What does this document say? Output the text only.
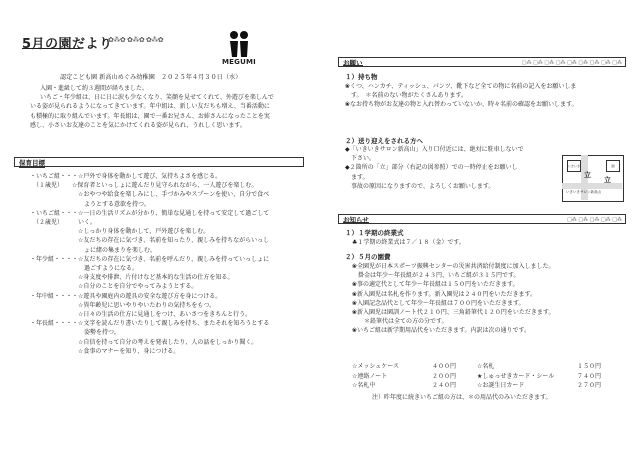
5月の園だより
✿⁂✿ ✿⁂✿ ✿⁂✿
MEGUMI
認定こども園 新高山めぐみ幼稚園　２０２５年４月３０日（水）
入園・進級して約３週間が経ちました。
いちご・年少組は、日に日に涙も少なくなり、笑顔を見せてくれて、外遊びを楽しんで
いる姿が見られるようになってきています。年中組は、新しい友だちも増え、当番活動に
も積極的に取り組んでいます。年長組は、園で一番お兄さん、お姉さんになったことを実
感し、小さいお友達のことを気にかけてくれる姿が見られ、うれしく思います。
保育目標
・いちご組・・・☆戸外で身体を動かして遊び、気持ちよさを感じる。
　（１歳児）　　☆保育者といっしょに遊んだり見守られながら、一人遊びを楽しむ。
　　　　　　　　☆おやつや給食を楽しみにし、手づかみやスプーンを使い、自分で食べ
　　　　　　　　　ようとする意欲を持つ。
・いちご組・・・☆一日の生活リズムが分かり、簡単な見通しを持って安定して過ごして
　（２歳児）　　　いく。
　　　　　　　　☆しっかり身体を動かして、戸外遊びを楽しむ。
　　　　　　　　☆友だちの存在に気づき、名前を知ったり、親しみを持ちながらいっし
　　　　　　　　　ょに緒の集まりを楽しむ。
・年少組・・・・☆友だちの存在に気づき、名前を呼んだり、親しみを持っていっしょに
　　　　　　　　　過ごすようになる。
　　　　　　　　☆身支度や排泄、片付けなど基本的な生活の仕方を知る。
　　　　　　　　☆自分のことを自分でやってみようとする。
・年中組・・・・☆遊具や園庭内の遊具の安全な遊び方を身につける。
　　　　　　　　☆異年齢児に思いやりやいたわりの気持ちをもつ。
　　　　　　　　☆日々の生活の仕方に見通しをつけ、あいさつをきちんと行う。
・年長組・・・・☆文字を読んだり書いたりして親しみを持ち、またそれを知ろうとする
　　　　　　　　　姿勢を持つ。
　　　　　　　　☆自信を持って自分の考えを発表したり、人の話をしっかり聞く。
　　　　　　　　☆食事のマナーを知り、身につける。
お願い	□⁂ □⁂ □⁂ □⁂ □⁂ □⁂ □⁂ □⁂ □⁂
１）持ち物
❀くつ、ハンカチ、ティッシュ、パンツ、靴下など全ての物に名前の記入をお願いしま
　す。　＊名前のない物がたくさんあります。
❀なお持ち物がお友達の物と入れ替わっていないか、時々名前の確認をお願いします。
２）送り迎えをされる方へ
◆「いきいきサロン新高山」入り口付近には、絶対に駐車しないで
　下さい。
◆２箇所の「立」部分（右記の図参照）での一時停止をお願いし
　ます。
　事故の原因になりますので、よろしくお願いします。
いきいき	園
立
立
いきいきサロン新高山
お知らせ	□⁂ □⁂ □⁂ □⁂ □⁂
１）１学期の終業式
♣１学期の終業式は７／１８（金）です。
２）５月の園費
❀全園児が日本スポーツ振興センターの災害共済給付制度に加入しました。
　掛金は年少〜年長組が２４３円、いちご組が３１５円です。
❀事の適定代として年少〜年長組は１５０円をいただきます。
❀新入園児は名札を作ります。新入園児は２４０円をいただきます。
❀入園記念品代として年少〜年長組は７００円をいただきます。
❀新入園児は園訓ノート代２１０円、三角鉛筆代１２０円をいただきます。
　　＊鉛筆代は全ての方の分です。
❀いちご組は新学期用品代をいただきます。内訳は次の通りです。
☆メッシュケース	４００円	☆名札	１５０円
☆連絡ノート	２００円	★しゅっせきカード・シール	７４０円
☆名札中	２４０円	☆お誕生日カード	２７０円
注）昨年度に続きいちご組の方は、＊の用品代のみいただきます。
